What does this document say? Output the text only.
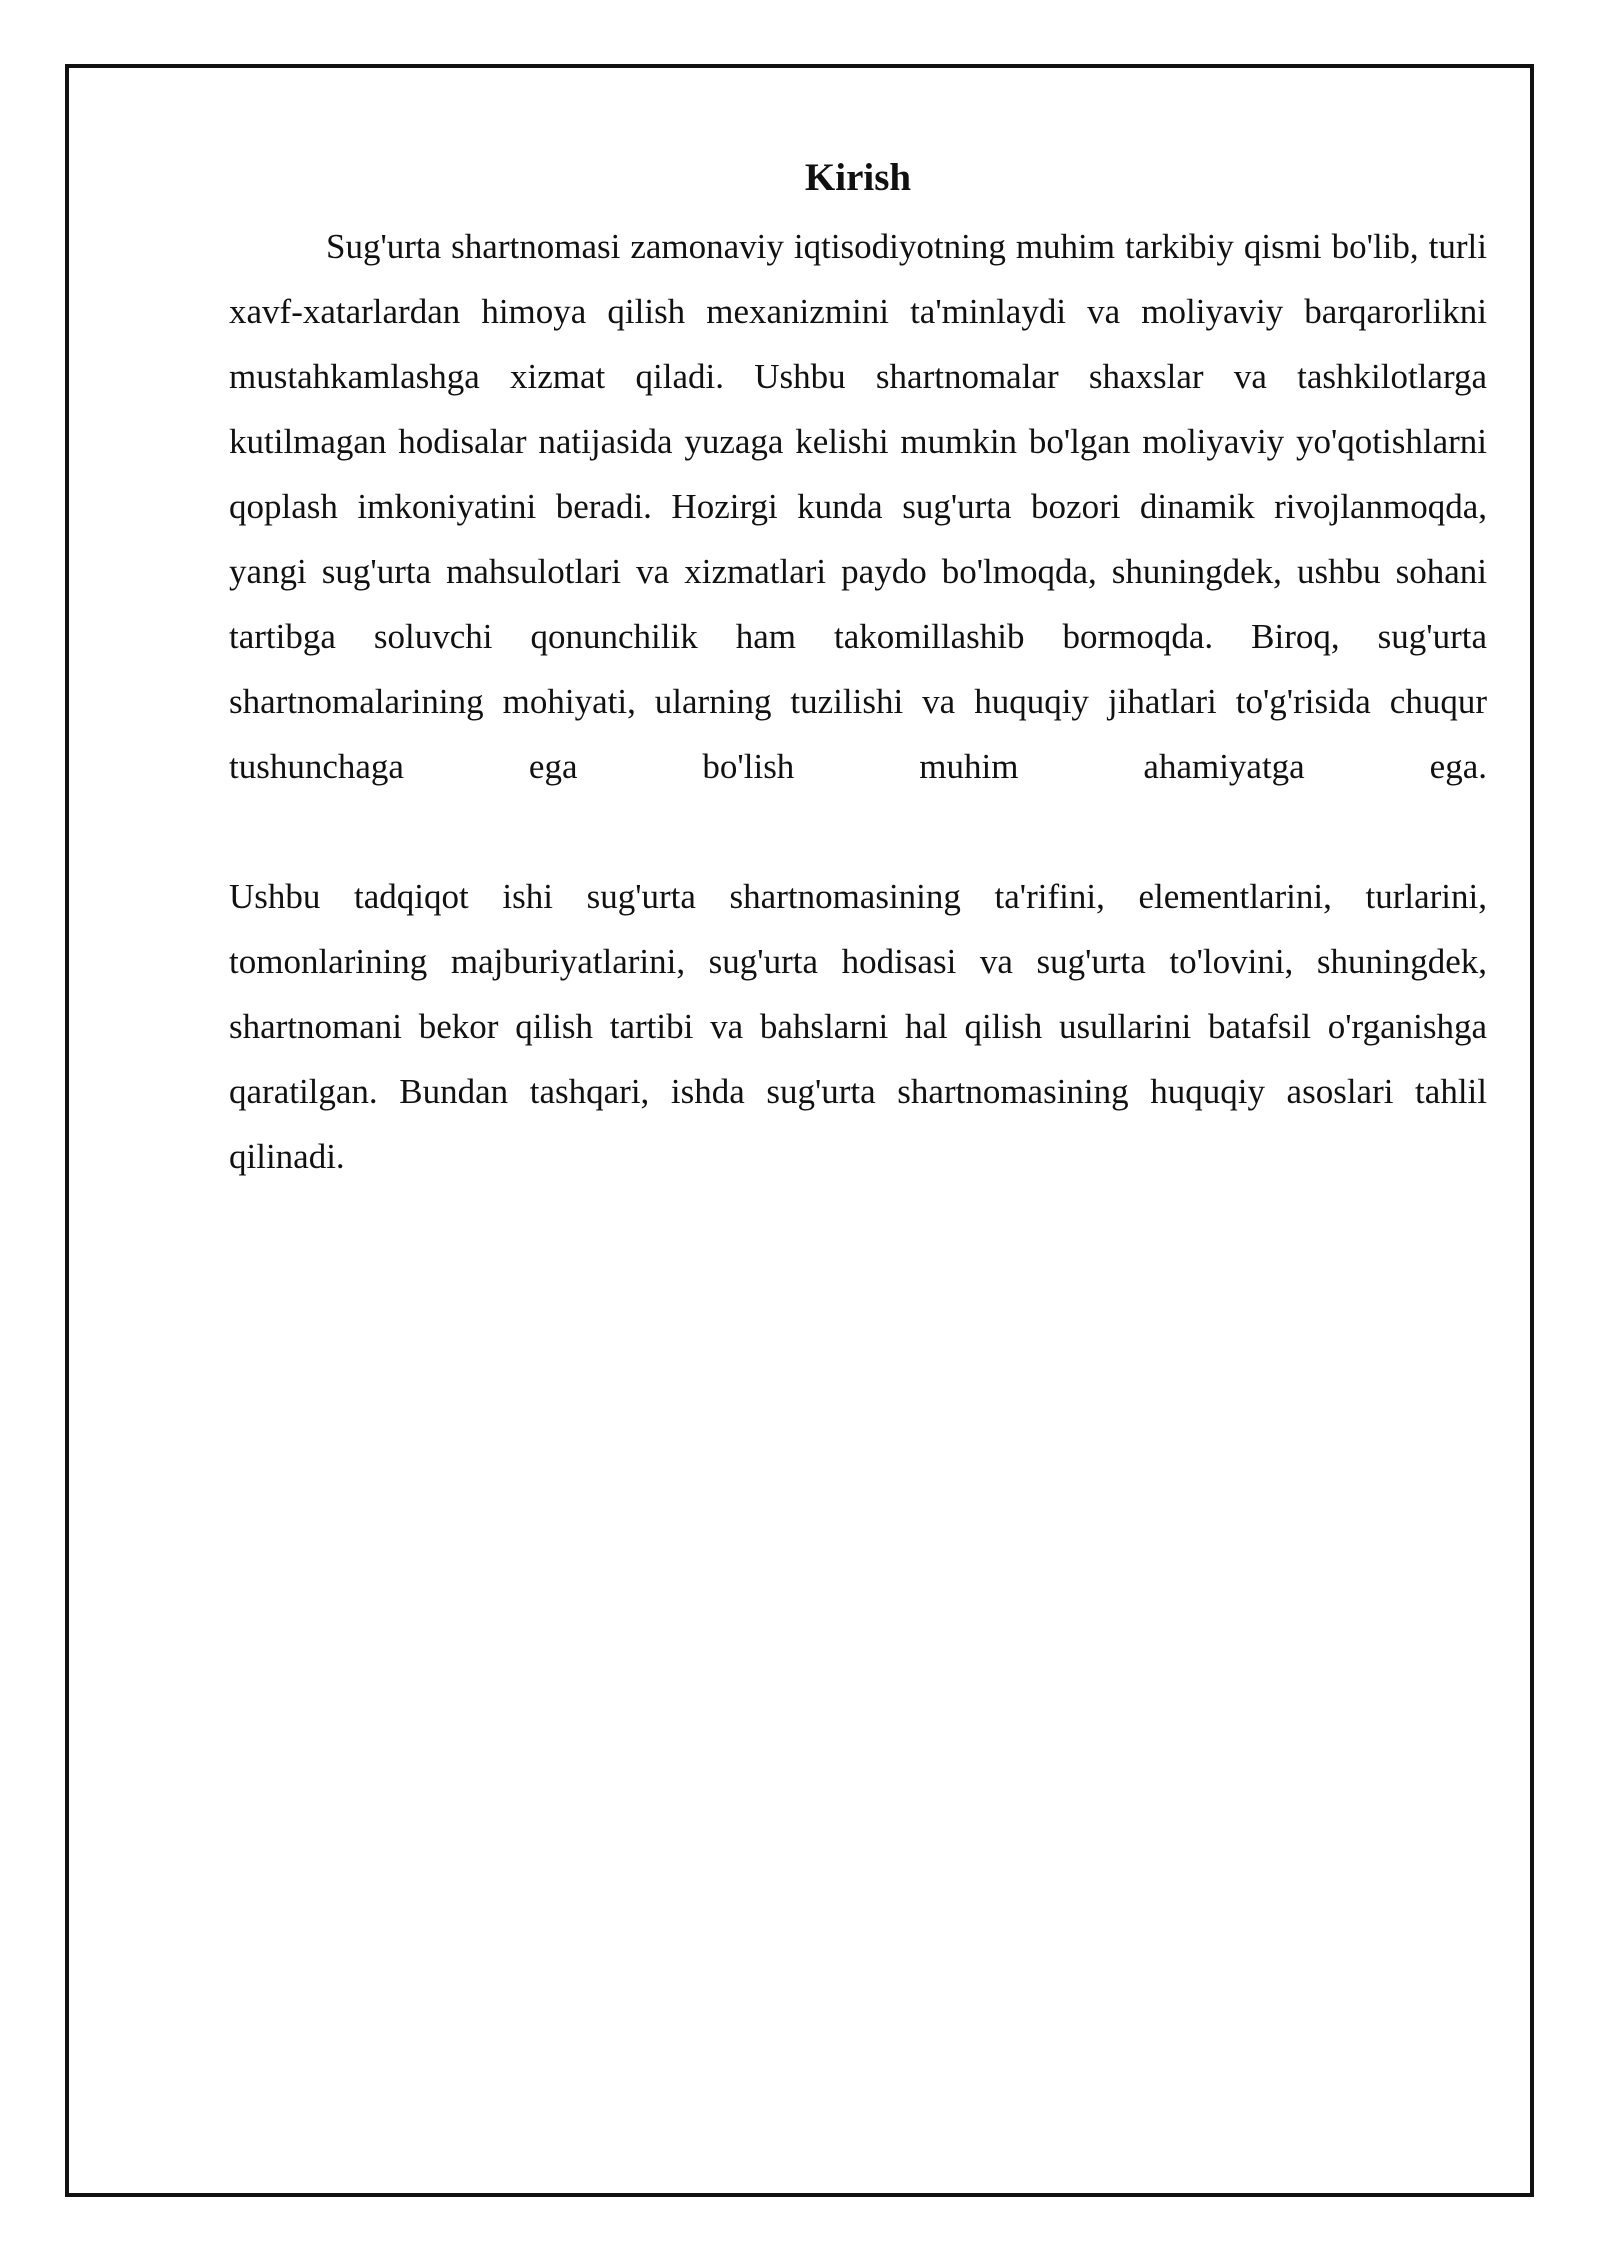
Kirish

Sug'urta shartnomasi zamonaviy iqtisodiyotning muhim tarkibiy qismi bo'lib, turli xavf-xatarlardan himoya qilish mexanizmini ta'minlaydi va moliyaviy barqarorlikni mustahkamlashga xizmat qiladi. Ushbu shartnomalar shaxslar va tashkilotlarga kutilmagan hodisalar natijasida yuzaga kelishi mumkin bo'lgan moliyaviy yo'qotishlarni qoplash imkoniyatini beradi. Hozirgi kunda sug'urta bozori dinamik rivojlanmoqda, yangi sug'urta mahsulotlari va xizmatlari paydo bo'lmoqda, shuningdek, ushbu sohani tartibga soluvchi qonunchilik ham takomillashib bormoqda. Biroq, sug'urta shartnomalarining mohiyati, ularning tuzilishi va huquqiy jihatlari to'g'risida chuqur tushunchaga ega bo'lish muhim ahamiyatga ega.

Ushbu tadqiqot ishi sug'urta shartnomasining ta'rifini, elementlarini, turlarini, tomonlarining majburiyatlarini, sug'urta hodisasi va sug'urta to'lovini, shuningdek, shartnomani bekor qilish tartibi va bahslarni hal qilish usullarini batafsil o'rganishga qaratilgan. Bundan tashqari, ishda sug'urta shartnomasining huquqiy asoslari tahlil qilinadi.
